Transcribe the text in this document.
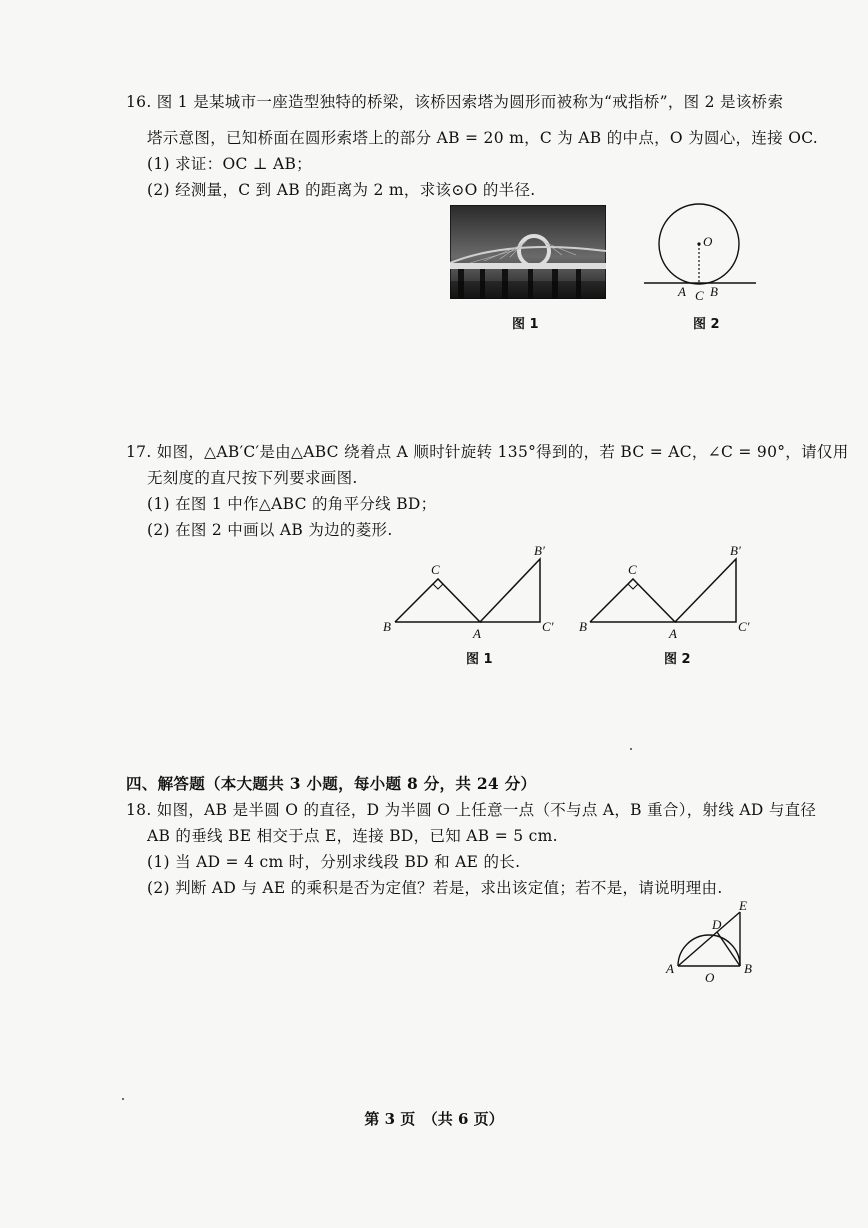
16. 图 1 是某城市一座造型独特的桥梁，该桥因索塔为圆形而被称为“戒指桥”，图 2 是该桥索
塔示意图，已知桥面在圆形索塔上的部分 AB = 20 m，C 为 AB 的中点，O 为圆心，连接 OC.
(1) 求证：OC ⊥ AB；
(2) 经测量，C 到 AB 的距离为 2 m，求该⊙O 的半径.
图 1
O
A C B
图 2
17. 如图，△AB′C′是由△ABC 绕着点 A 顺时针旋转 135°得到的，若 BC = AC，∠C = 90°，请仅用
无刻度的直尺按下列要求画图.
(1) 在图 1 中作△ABC 的角平分线 BD；
(2) 在图 2 中画以 AB 为边的菱形.
C
B	A
B′
C′
图 1
C
B	A
B′
C′
图 2
四、解答题（本大题共 3 小题，每小题 8 分，共 24 分）
18. 如图，AB 是半圆 O 的直径，D 为半圆 O 上任意一点（不与点 A，B 重合），射线 AD 与直径
AB 的垂线 BE 相交于点 E，连接 BD，已知 AB = 5 cm.
(1) 当 AD = 4 cm 时，分别求线段 BD 和 AE 的长.
(2) 判断 AD 与 AE 的乘积是否为定值？若是，求出该定值；若不是，请说明理由.
E
D
A
O
B
第 3 页　（共 6 页）
